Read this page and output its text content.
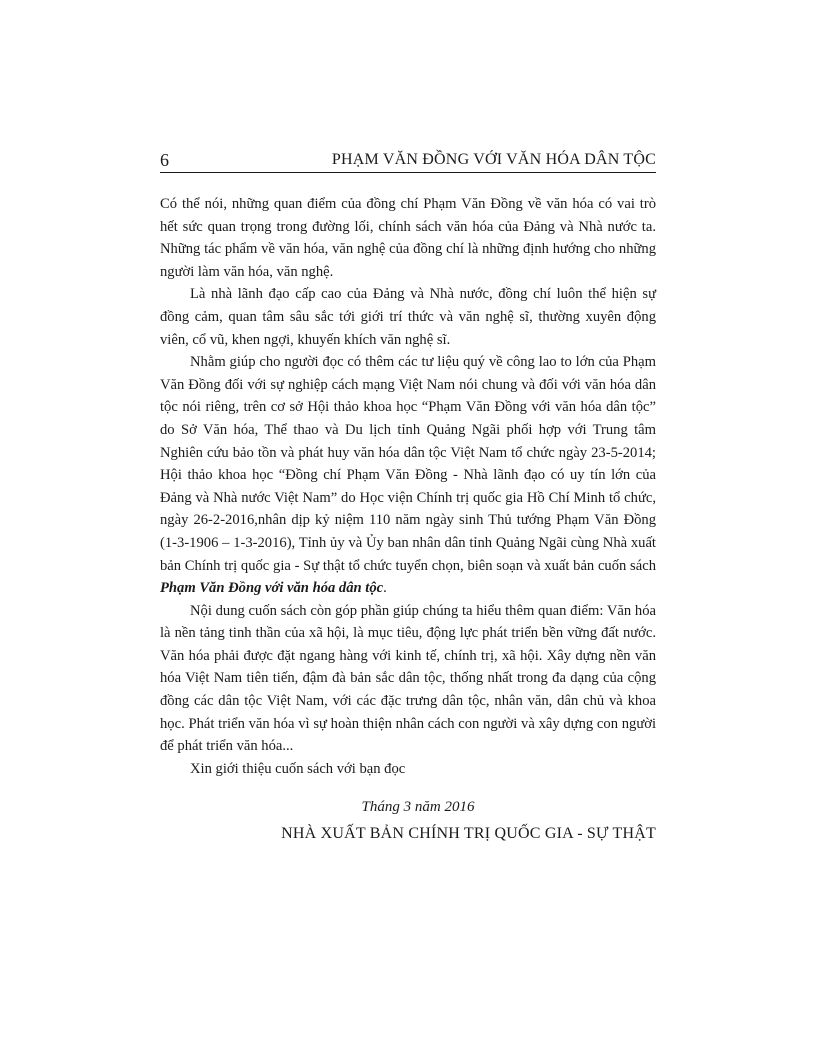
6	PHẠM VĂN ĐỒNG VỚI VĂN HÓA DÂN TỘC

Có thể nói, những quan điểm của đồng chí Phạm Văn Đồng về văn hóa có vai trò hết sức quan trọng trong đường lối, chính sách văn hóa của Đảng và Nhà nước ta. Những tác phẩm về văn hóa, văn nghệ của đồng chí là những định hướng cho những người làm văn hóa, văn nghệ.

Là nhà lãnh đạo cấp cao của Đảng và Nhà nước, đồng chí luôn thể hiện sự đồng cảm, quan tâm sâu sắc tới giới trí thức và văn nghệ sĩ, thường xuyên động viên, cổ vũ, khen ngợi, khuyến khích văn nghệ sĩ.

Nhằm giúp cho người đọc có thêm các tư liệu quý về công lao to lớn của Phạm Văn Đồng đối với sự nghiệp cách mạng Việt Nam nói chung và đối với văn hóa dân tộc nói riêng, trên cơ sở Hội thảo khoa học “Phạm Văn Đồng với văn hóa dân tộc” do Sở Văn hóa, Thể thao và Du lịch tỉnh Quảng Ngãi phối hợp với Trung tâm Nghiên cứu bảo tồn và phát huy văn hóa dân tộc Việt Nam tổ chức ngày 23-5-2014; Hội thảo khoa học “Đồng chí Phạm Văn Đồng - Nhà lãnh đạo có uy tín lớn của Đảng và Nhà nước Việt Nam” do Học viện Chính trị quốc gia Hồ Chí Minh tổ chức, ngày 26-2-2016,nhân dịp kỷ niệm 110 năm ngày sinh Thủ tướng Phạm Văn Đồng (1-3-1906 – 1-3-2016), Tỉnh ủy và Ủy ban nhân dân tỉnh Quảng Ngãi cùng Nhà xuất bản Chính trị quốc gia - Sự thật tổ chức tuyển chọn, biên soạn và xuất bản cuốn sách Phạm Văn Đồng với văn hóa dân tộc.

Nội dung cuốn sách còn góp phần giúp chúng ta hiểu thêm quan điểm: Văn hóa là nền tảng tinh thần của xã hội, là mục tiêu, động lực phát triển bền vững đất nước. Văn hóa phải được đặt ngang hàng với kinh tế, chính trị, xã hội. Xây dựng nền văn hóa Việt Nam tiên tiến, đậm đà bản sắc dân tộc, thống nhất trong đa dạng của cộng đồng các dân tộc Việt Nam, với các đặc trưng dân tộc, nhân văn, dân chủ và khoa học. Phát triển văn hóa vì sự hoàn thiện nhân cách con người và xây dựng con người để phát triển văn hóa...

Xin giới thiệu cuốn sách với bạn đọc

Tháng 3 năm 2016
NHÀ XUẤT BẢN CHÍNH TRỊ QUỐC GIA - SỰ THẬT
